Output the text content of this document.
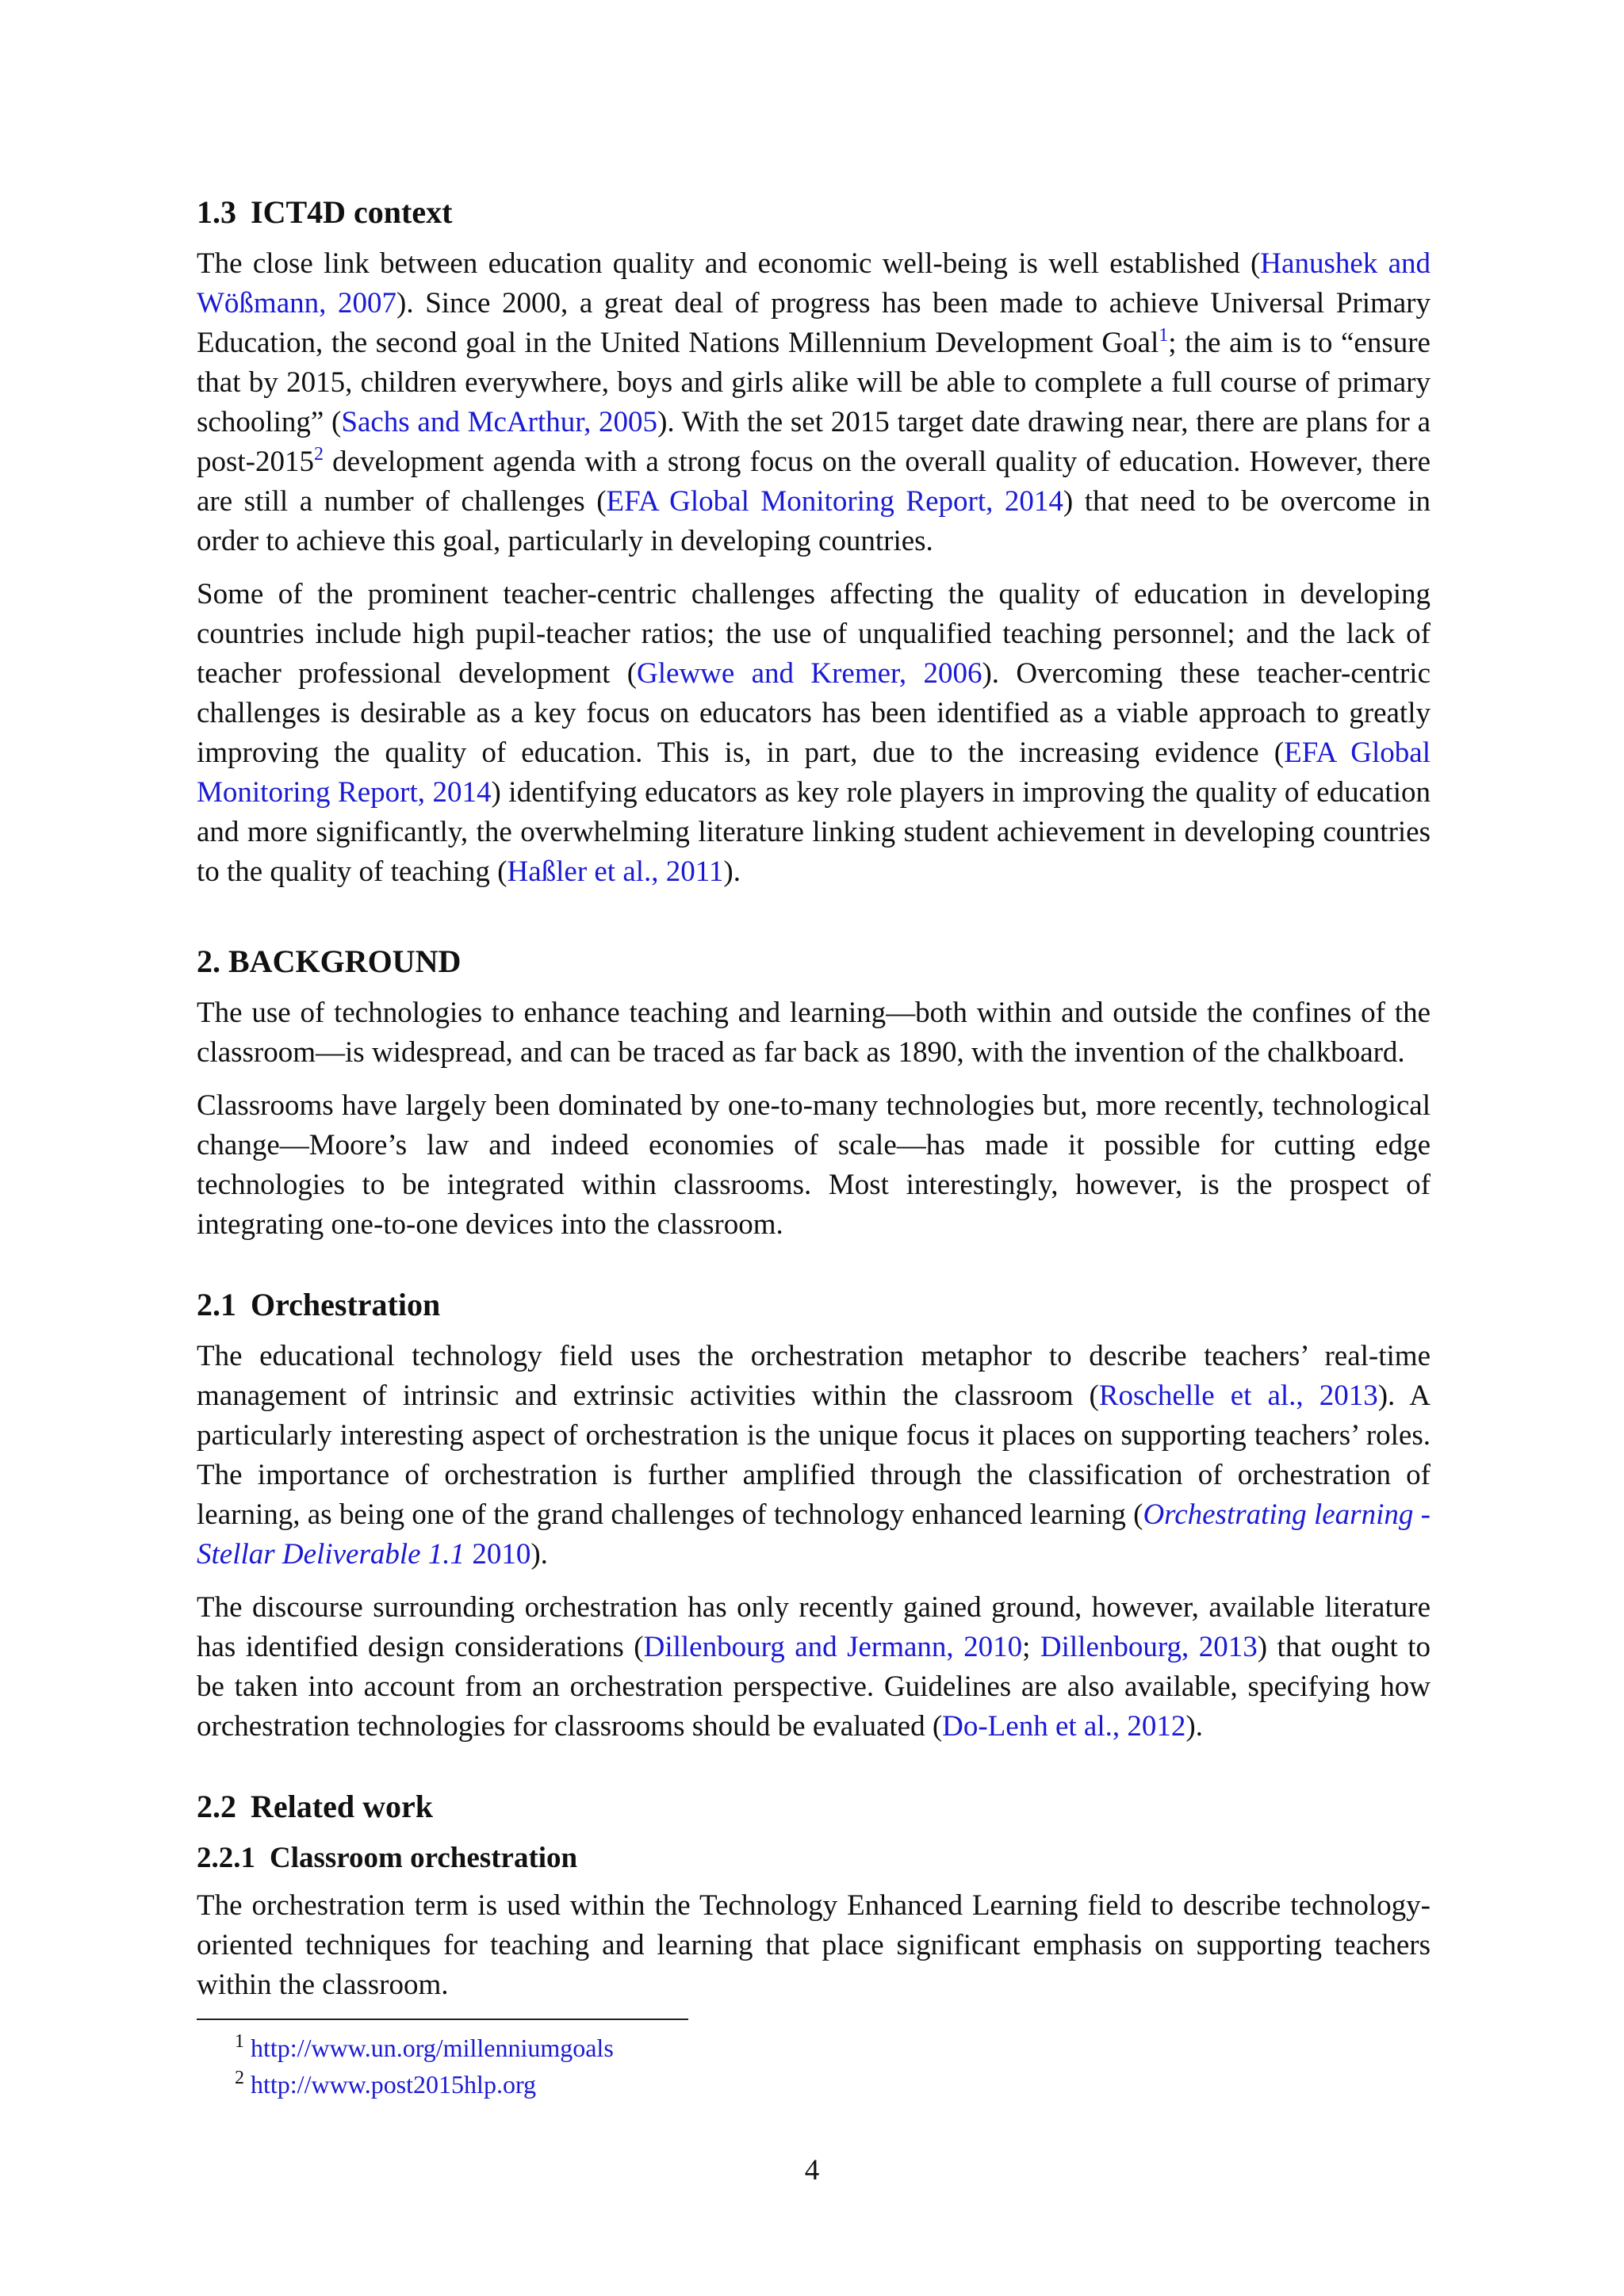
1.3 ICT4D context

The close link between education quality and economic well-being is well established (Hanushek and Wößmann, 2007). Since 2000, a great deal of progress has been made to achieve Universal Primary Education, the second goal in the United Nations Millennium Development Goal$^1$; the aim is to “ensure that by 2015, children everywhere, boys and girls alike will be able to complete a full course of primary schooling” (Sachs and McArthur, 2005). With the set 2015 target date drawing near, there are plans for a post-2015$^2$ development agenda with a strong focus on the overall quality of education. However, there are still a number of challenges (EFA Global Monitoring Report, 2014) that need to be overcome in order to achieve this goal, particularly in developing countries.

Some of the prominent teacher-centric challenges affecting the quality of education in developing countries include high pupil-teacher ratios; the use of unqualified teaching personnel; and the lack of teacher professional development (Glewwe and Kremer, 2006). Overcoming these teacher-centric challenges is desirable as a key focus on educators has been identified as a viable approach to greatly improving the quality of education. This is, in part, due to the increasing evidence (EFA Global Monitoring Report, 2014) identifying educators as key role players in improving the quality of education and more significantly, the overwhelming literature linking student achievement in developing countries to the quality of teaching (Haßler et al., 2011).

2. BACKGROUND

The use of technologies to enhance teaching and learning—both within and outside the confines of the classroom—is widespread, and can be traced as far back as 1890, with the invention of the chalkboard.

Classrooms have largely been dominated by one-to-many technologies but, more recently, technological change—Moore’s law and indeed economies of scale—has made it possible for cutting edge technologies to be integrated within classrooms. Most interestingly, however, is the prospect of integrating one-to-one devices into the classroom.

2.1 Orchestration

The educational technology field uses the orchestration metaphor to describe teachers’ real-time management of intrinsic and extrinsic activities within the classroom (Roschelle et al., 2013). A particularly interesting aspect of orchestration is the unique focus it places on supporting teachers’ roles. The importance of orchestration is further amplified through the classification of orchestration of learning, as being one of the grand challenges of technology enhanced learning (Orchestrating learning - Stellar Deliverable 1.1 2010).

The discourse surrounding orchestration has only recently gained ground, however, available literature has identified design considerations (Dillenbourg and Jermann, 2010; Dillenbourg, 2013) that ought to be taken into account from an orchestration perspective. Guidelines are also available, specifying how orchestration technologies for classrooms should be evaluated (Do-Lenh et al., 2012).

2.2 Related work
2.2.1 Classroom orchestration

The orchestration term is used within the Technology Enhanced Learning field to describe technology-oriented techniques for teaching and learning that place significant emphasis on supporting teachers within the classroom.

$^1$ http://www.un.org/millenniumgoals
$^2$ http://www.post2015hlp.org
4
